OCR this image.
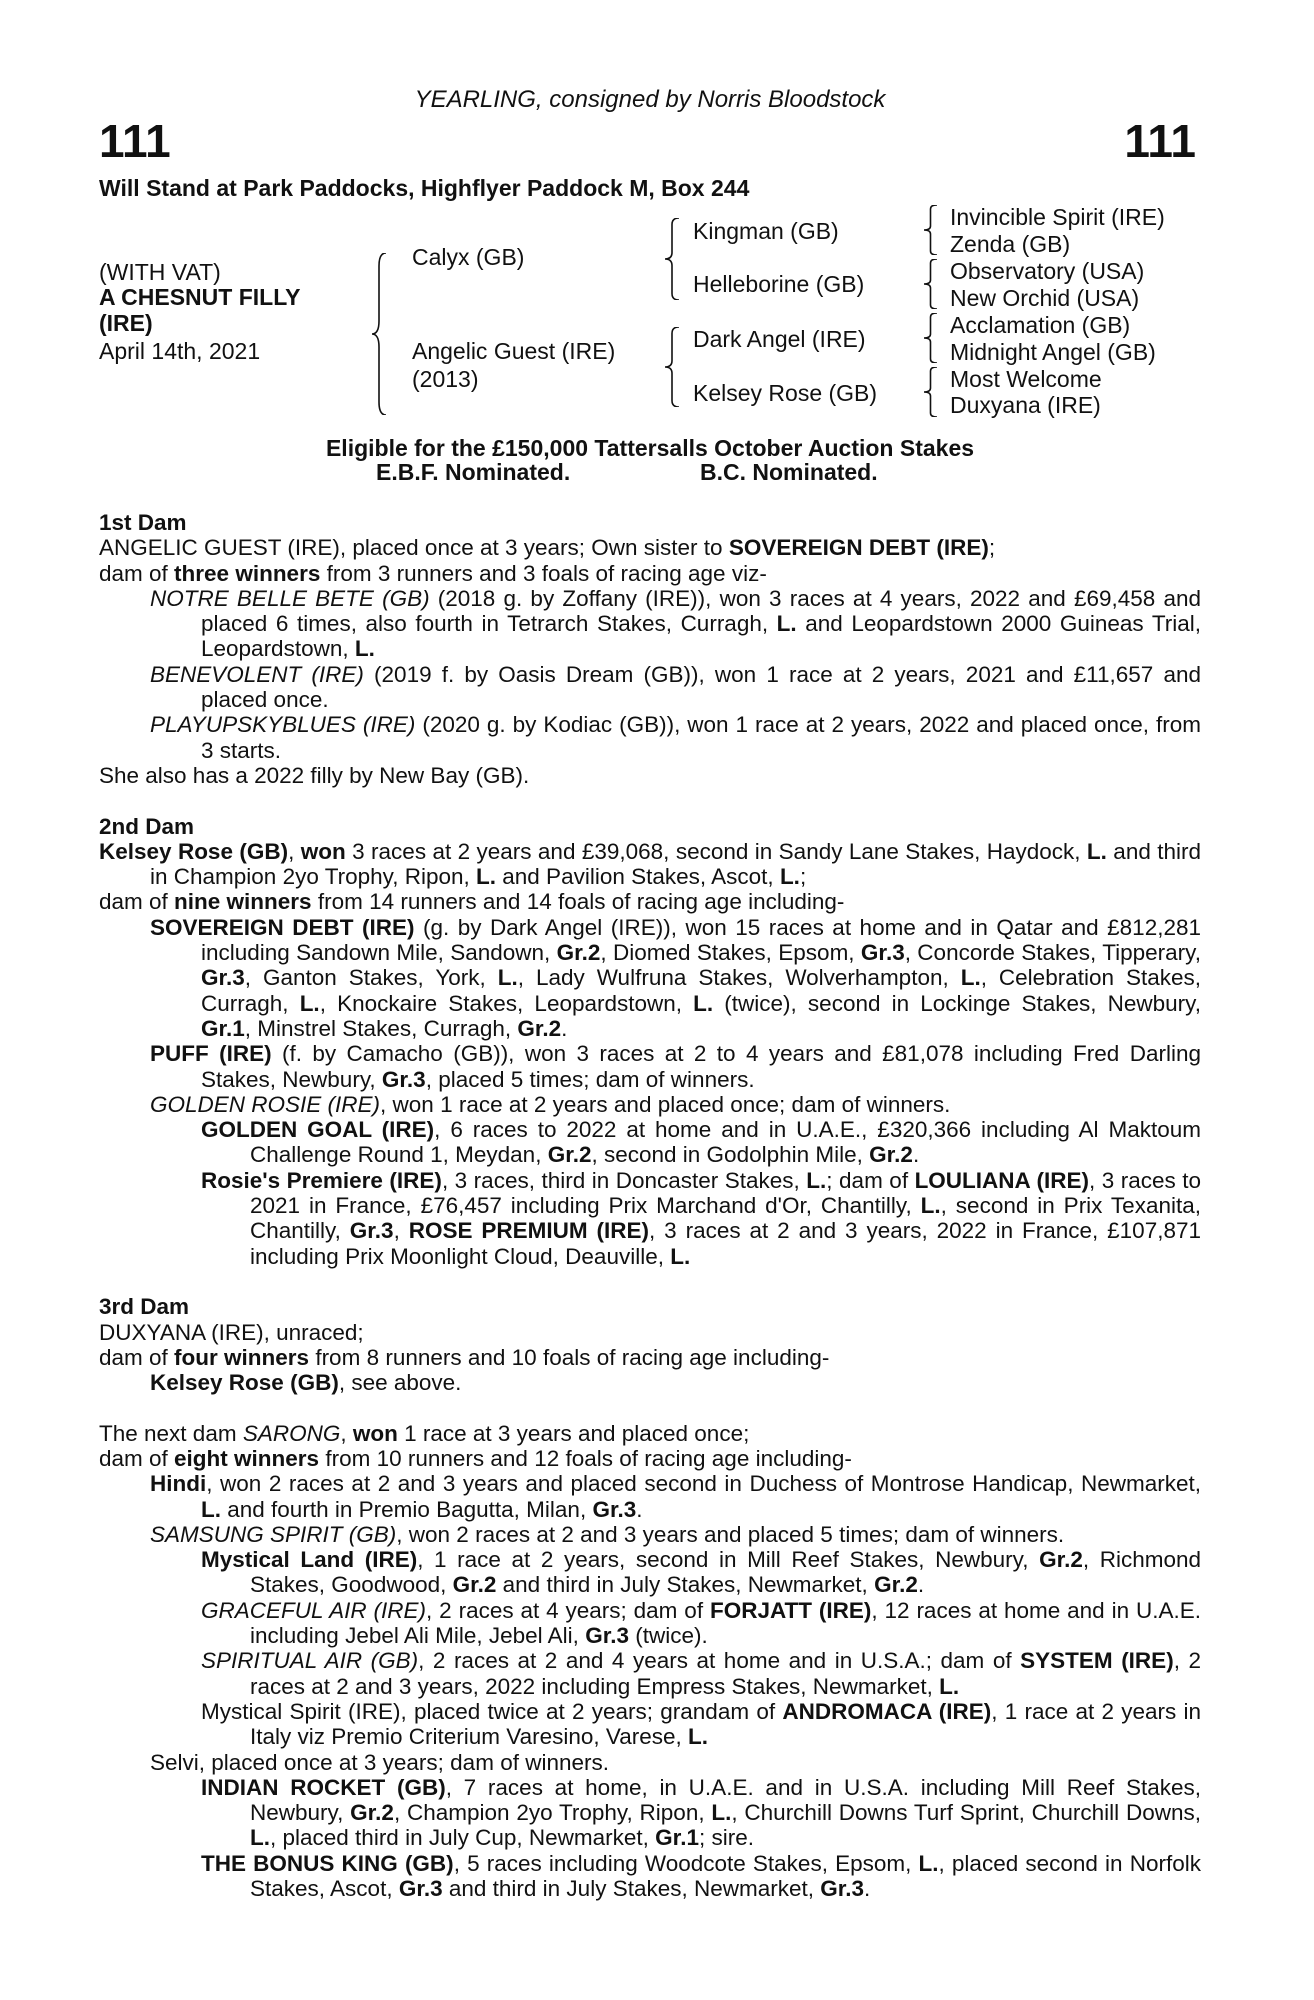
YEARLING, consigned by Norris Bloodstock
111	111
Will Stand at Park Paddocks, Highflyer Paddock M, Box 244
(WITH VAT)
A CHESNUT FILLY
(IRE)
April 14th, 2021
Calyx (GB)
Angelic Guest (IRE)
(2013)
Kingman (GB)
Helleborine (GB)
Dark Angel (IRE)
Kelsey Rose (GB)
Invincible Spirit (IRE)
Zenda (GB)
Observatory (USA)
New Orchid (USA)
Acclamation (GB)
Midnight Angel (GB)
Most Welcome
Duxyana (IRE)
Eligible for the £150,000 Tattersalls October Auction Stakes
E.B.F. Nominated.	B.C. Nominated.
1st Dam
ANGELIC GUEST (IRE), placed once at 3 years; Own sister to SOVEREIGN DEBT (IRE);
dam of three winners from 3 runners and 3 foals of racing age viz-
NOTRE BELLE BETE (GB) (2018 g. by Zoffany (IRE)), won 3 races at 4 years, 2022 and £69,458 and placed 6 times, also fourth in Tetrarch Stakes, Curragh, L. and Leopardstown 2000 Guineas Trial, Leopardstown, L.
BENEVOLENT (IRE) (2019 f. by Oasis Dream (GB)), won 1 race at 2 years, 2021 and £11,657 and placed once.
PLAYUPSKYBLUES (IRE) (2020 g. by Kodiac (GB)), won 1 race at 2 years, 2022 and placed once, from 3 starts.
She also has a 2022 filly by New Bay (GB).
2nd Dam
Kelsey Rose (GB), won 3 races at 2 years and £39,068, second in Sandy Lane Stakes, Haydock, L. and third in Champion 2yo Trophy, Ripon, L. and Pavilion Stakes, Ascot, L.;
dam of nine winners from 14 runners and 14 foals of racing age including-
SOVEREIGN DEBT (IRE) (g. by Dark Angel (IRE)), won 15 races at home and in Qatar and £812,281 including Sandown Mile, Sandown, Gr.2, Diomed Stakes, Epsom, Gr.3, Concorde Stakes, Tipperary, Gr.3, Ganton Stakes, York, L., Lady Wulfruna Stakes, Wolverhampton, L., Celebration Stakes, Curragh, L., Knockaire Stakes, Leopardstown, L. (twice), second in Lockinge Stakes, Newbury, Gr.1, Minstrel Stakes, Curragh, Gr.2.
PUFF (IRE) (f. by Camacho (GB)), won 3 races at 2 to 4 years and £81,078 including Fred Darling Stakes, Newbury, Gr.3, placed 5 times; dam of winners.
GOLDEN ROSIE (IRE), won 1 race at 2 years and placed once; dam of winners.
GOLDEN GOAL (IRE), 6 races to 2022 at home and in U.A.E., £320,366 including Al Maktoum Challenge Round 1, Meydan, Gr.2, second in Godolphin Mile, Gr.2.
Rosie's Premiere (IRE), 3 races, third in Doncaster Stakes, L.; dam of LOULIANA (IRE), 3 races to 2021 in France, £76,457 including Prix Marchand d'Or, Chantilly, L., second in Prix Texanita, Chantilly, Gr.3, ROSE PREMIUM (IRE), 3 races at 2 and 3 years, 2022 in France, £107,871 including Prix Moonlight Cloud, Deauville, L.
3rd Dam
DUXYANA (IRE), unraced;
dam of four winners from 8 runners and 10 foals of racing age including-
Kelsey Rose (GB), see above.
The next dam SARONG, won 1 race at 3 years and placed once;
dam of eight winners from 10 runners and 12 foals of racing age including-
Hindi, won 2 races at 2 and 3 years and placed second in Duchess of Montrose Handicap, Newmarket, L. and fourth in Premio Bagutta, Milan, Gr.3.
SAMSUNG SPIRIT (GB), won 2 races at 2 and 3 years and placed 5 times; dam of winners.
Mystical Land (IRE), 1 race at 2 years, second in Mill Reef Stakes, Newbury, Gr.2, Richmond Stakes, Goodwood, Gr.2 and third in July Stakes, Newmarket, Gr.2.
GRACEFUL AIR (IRE), 2 races at 4 years; dam of FORJATT (IRE), 12 races at home and in U.A.E. including Jebel Ali Mile, Jebel Ali, Gr.3 (twice).
SPIRITUAL AIR (GB), 2 races at 2 and 4 years at home and in U.S.A.; dam of SYSTEM (IRE), 2 races at 2 and 3 years, 2022 including Empress Stakes, Newmarket, L.
Mystical Spirit (IRE), placed twice at 2 years; grandam of ANDROMACA (IRE), 1 race at 2 years in Italy viz Premio Criterium Varesino, Varese, L.
Selvi, placed once at 3 years; dam of winners.
INDIAN ROCKET (GB), 7 races at home, in U.A.E. and in U.S.A. including Mill Reef Stakes, Newbury, Gr.2, Champion 2yo Trophy, Ripon, L., Churchill Downs Turf Sprint, Churchill Downs, L., placed third in July Cup, Newmarket, Gr.1; sire.
THE BONUS KING (GB), 5 races including Woodcote Stakes, Epsom, L., placed second in Norfolk Stakes, Ascot, Gr.3 and third in July Stakes, Newmarket, Gr.3.
